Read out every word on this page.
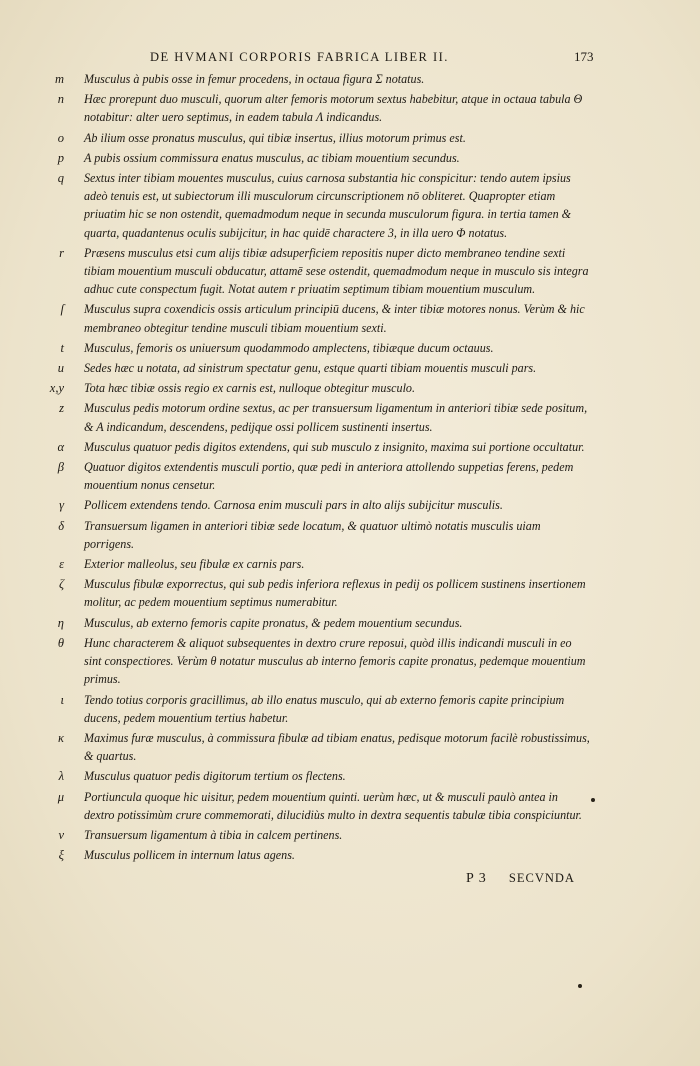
DE HVMANI CORPORIS FABRICA LIBER II.	173
m Musculus à pubis osse in femur procedens, in octaua figura Σ notatus.
n Hæc prorepunt duo musculi, quorum alter femoris motorum sextus habebitur, atque in octaua tabula Θ notabitur: alter uero septimus, in eadem tabula Λ indicandus.
o Ab ilium osse pronatus musculus, qui tibiæ insertus, illius motorum primus est.
p A pubis ossium commissura enatus musculus, ac tibiam mouentium secundus.
q Sextus inter tibiam mouentes musculus, cuius carnosa substantia hic conspicitur: tendo autem ipsius adeò tenuis est, ut subiectorum illi musculorum circunscriptionem nō obliteret. Quapropter etiam priuatim hic se non ostendit, quemadmodum neque in secunda musculorum figura. in tertia tamen & quarta, quadantenus oculis subijcitur, in hac quidē charactere 3, in illa uero Φ notatus.
r Præsens musculus etsi cum alijs tibiæ adsuperficiem repositis nuper dicto membraneo tendine sexti tibiam mouentium musculi obducatur, attamē sese ostendit, quemadmodum neque in musculo sis integra adhuc cute conspectum fugit. Notat autem r priuatim septimum tibiam mouentium musculum.
ſ Musculus supra coxendicis ossis articulum principiū ducens, & inter tibiæ motores nonus. Verùm & hic membraneo obtegitur tendine musculi tibiam mouentium sexti.
t Musculus, femoris os uniuersum quodammodo amplectens, tibiæque ducum octauus.
u Sedes hæc u notata, ad sinistrum spectatur genu, estque quarti tibiam mouentis musculi pars.
x,y Tota hæc tibiæ ossis regio ex carnis est, nulloque obtegitur musculo.
z Musculus pedis motorum ordine sextus, ac per transuersum ligamentum in anteriori tibiæ sede positum, & A indicandum, descendens, pedijque ossi pollicem sustinenti insertus.
α Musculus quatuor pedis digitos extendens, qui sub musculo z insignito, maxima sui portione occultatur.
β Quatuor digitos extendentis musculi portio, quæ pedi in anteriora attollendo suppetias ferens, pedem mouentium nonus censetur.
γ Pollicem extendens tendo. Carnosa enim musculi pars in alto alijs subijcitur musculis.
δ Transuersum ligamen in anteriori tibiæ sede locatum, & quatuor ultimò notatis musculis uiam porrigens.
ε Exterior malleolus, seu fibulæ ex carnis pars.
ζ Musculus fibulæ exporrectus, qui sub pedis inferiora reflexus in pedij os pollicem sustinens insertionem molitur, ac pedem mouentium septimus numerabitur.
η Musculus, ab externo femoris capite pronatus, & pedem mouentium secundus.
θ Hunc characterem & aliquot subsequentes in dextro crure reposui, quòd illis indicandi musculi in eo sint conspectiores. Verùm θ notatur musculus ab interno femoris capite pronatus, pedemque mouentium primus.
ι Tendo totius corporis gracillimus, ab illo enatus musculo, qui ab externo femoris capite principium ducens, pedem mouentium tertius habetur.
κ Maximus furæ musculus, à commissura fibulæ ad tibiam enatus, pedisque motorum facilè robustissimus, & quartus.
λ Musculus quatuor pedis digitorum tertium os flectens.
μ Portiuncula quoque hic uisitur, pedem mouentium quinti. uerùm hæc, ut & musculi paulò antea in dextro potissimùm crure commemorati, dilucidiùs multo in dextra sequentis tabulæ tibia conspiciuntur.
ν Transuersum ligamentum à tibia in calcem pertinens.
ξ Musculus pollicem in internum latus agens.
P 3 SECVNDA
